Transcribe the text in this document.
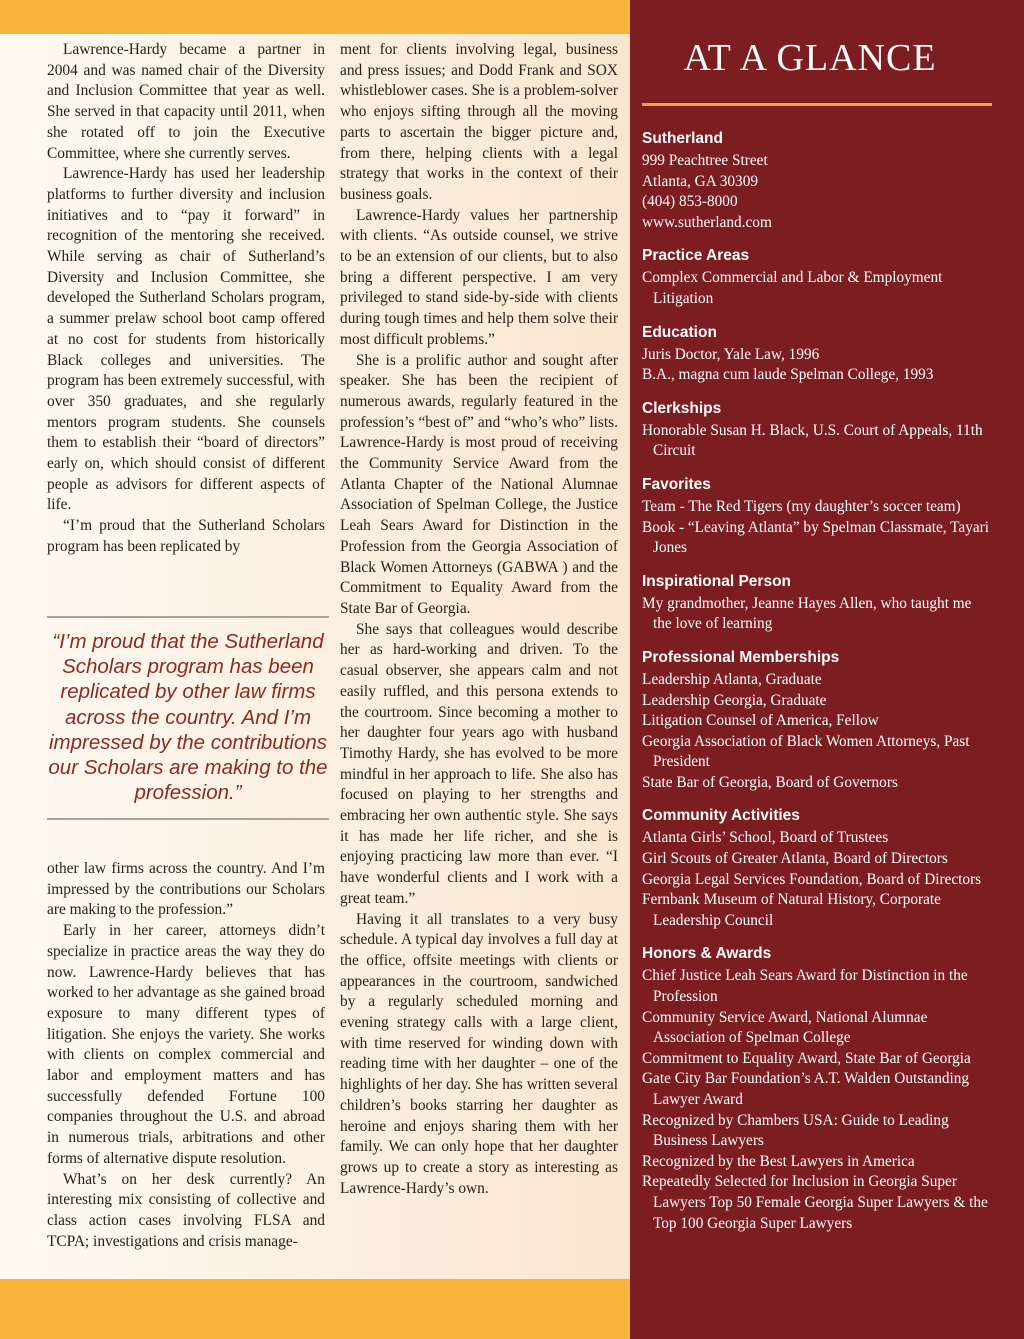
Lawrence-Hardy became a partner in 2004 and was named chair of the Diversity and Inclusion Committee that year as well. She served in that capacity until 2011, when she rotated off to join the Executive Committee, where she currently serves.

Lawrence-Hardy has used her leadership platforms to further diversity and inclusion initiatives and to “pay it forward” in recognition of the mentoring she received. While serving as chair of Sutherland’s Diversity and Inclusion Committee, she developed the Sutherland Scholars program, a summer prelaw school boot camp offered at no cost for students from historically Black colleges and universities. The program has been extremely successful, with over 350 graduates, and she regularly mentors program students. She counsels them to establish their “board of directors” early on, which should consist of different people as advisors for different aspects of life.

“I’m proud that the Sutherland Scholars program has been replicated by

“I’m proud that the Sutherland Scholars program has been replicated by other law firms across the country. And I’m impressed by the contributions our Scholars are making to the profession.”

other law firms across the country. And I’m impressed by the contributions our Scholars are making to the profession.”

Early in her career, attorneys didn’t specialize in practice areas the way they do now. Lawrence-Hardy believes that has worked to her advantage as she gained broad exposure to many different types of litigation. She enjoys the variety. She works with clients on complex commercial and labor and employment matters and has successfully defended Fortune 100 companies throughout the U.S. and abroad in numerous trials, arbitrations and other forms of alternative dispute resolution.

What’s on her desk currently? An interesting mix consisting of collective and class action cases involving FLSA and TCPA; investigations and crisis manage-

ment for clients involving legal, business and press issues; and Dodd Frank and SOX whistleblower cases. She is a problem-solver who enjoys sifting through all the moving parts to ascertain the bigger picture and, from there, helping clients with a legal strategy that works in the context of their business goals.

Lawrence-Hardy values her partnership with clients. “As outside counsel, we strive to be an extension of our clients, but to also bring a different perspective. I am very privileged to stand side-by-side with clients during tough times and help them solve their most difficult problems.”

She is a prolific author and sought after speaker. She has been the recipient of numerous awards, regularly featured in the profession’s “best of” and “who’s who” lists. Lawrence-Hardy is most proud of receiving the Community Service Award from the Atlanta Chapter of the National Alumnae Association of Spelman College, the Justice Leah Sears Award for Distinction in the Profession from the Georgia Association of Black Women Attorneys (GABWA ) and the Commitment to Equality Award from the State Bar of Georgia.

She says that colleagues would describe her as hard-working and driven. To the casual observer, she appears calm and not easily ruffled, and this persona extends to the courtroom. Since becoming a mother to her daughter four years ago with husband Timothy Hardy, she has evolved to be more mindful in her approach to life. She also has focused on playing to her strengths and embracing her own authentic style. She says it has made her life richer, and she is enjoying practicing law more than ever. “I have wonderful clients and I work with a great team.”

Having it all translates to a very busy schedule. A typical day involves a full day at the office, offsite meetings with clients or appearances in the courtroom, sandwiched by a regularly scheduled morning and evening strategy calls with a large client, with time reserved for winding down with reading time with her daughter – one of the highlights of her day. She has written several children’s books starring her daughter as heroine and enjoys sharing them with her family. We can only hope that her daughter grows up to create a story as interesting as Lawrence-Hardy’s own.

AT A GLANCE
Sutherland
999 Peachtree Street
Atlanta, GA 30309
(404) 853-8000
www.sutherland.com
Practice Areas
Complex Commercial and Labor & Employment Litigation
Education
Juris Doctor, Yale Law, 1996
B.A., magna cum laude Spelman College, 1993
Clerkships
Honorable Susan H. Black, U.S. Court of Appeals, 11th Circuit
Favorites
Team - The Red Tigers (my daughter’s soccer team)
Book - “Leaving Atlanta” by Spelman Classmate, Tayari Jones
Inspirational Person
My grandmother, Jeanne Hayes Allen, who taught me the love of learning
Professional Memberships
Leadership Atlanta, Graduate
Leadership Georgia, Graduate
Litigation Counsel of America, Fellow
Georgia Association of Black Women Attorneys, Past President
State Bar of Georgia, Board of Governors
Community Activities
Atlanta Girls’ School, Board of Trustees
Girl Scouts of Greater Atlanta, Board of Directors
Georgia Legal Services Foundation, Board of Directors
Fernbank Museum of Natural History, Corporate Leadership Council
Honors & Awards
Chief Justice Leah Sears Award for Distinction in the Profession
Community Service Award, National Alumnae Association of Spelman College
Commitment to Equality Award, State Bar of Georgia
Gate City Bar Foundation’s A.T. Walden Outstanding Lawyer Award
Recognized by Chambers USA: Guide to Leading Business Lawyers
Recognized by the Best Lawyers in America
Repeatedly Selected for Inclusion in Georgia Super Lawyers Top 50 Female Georgia Super Lawyers & the Top 100 Georgia Super Lawyers
